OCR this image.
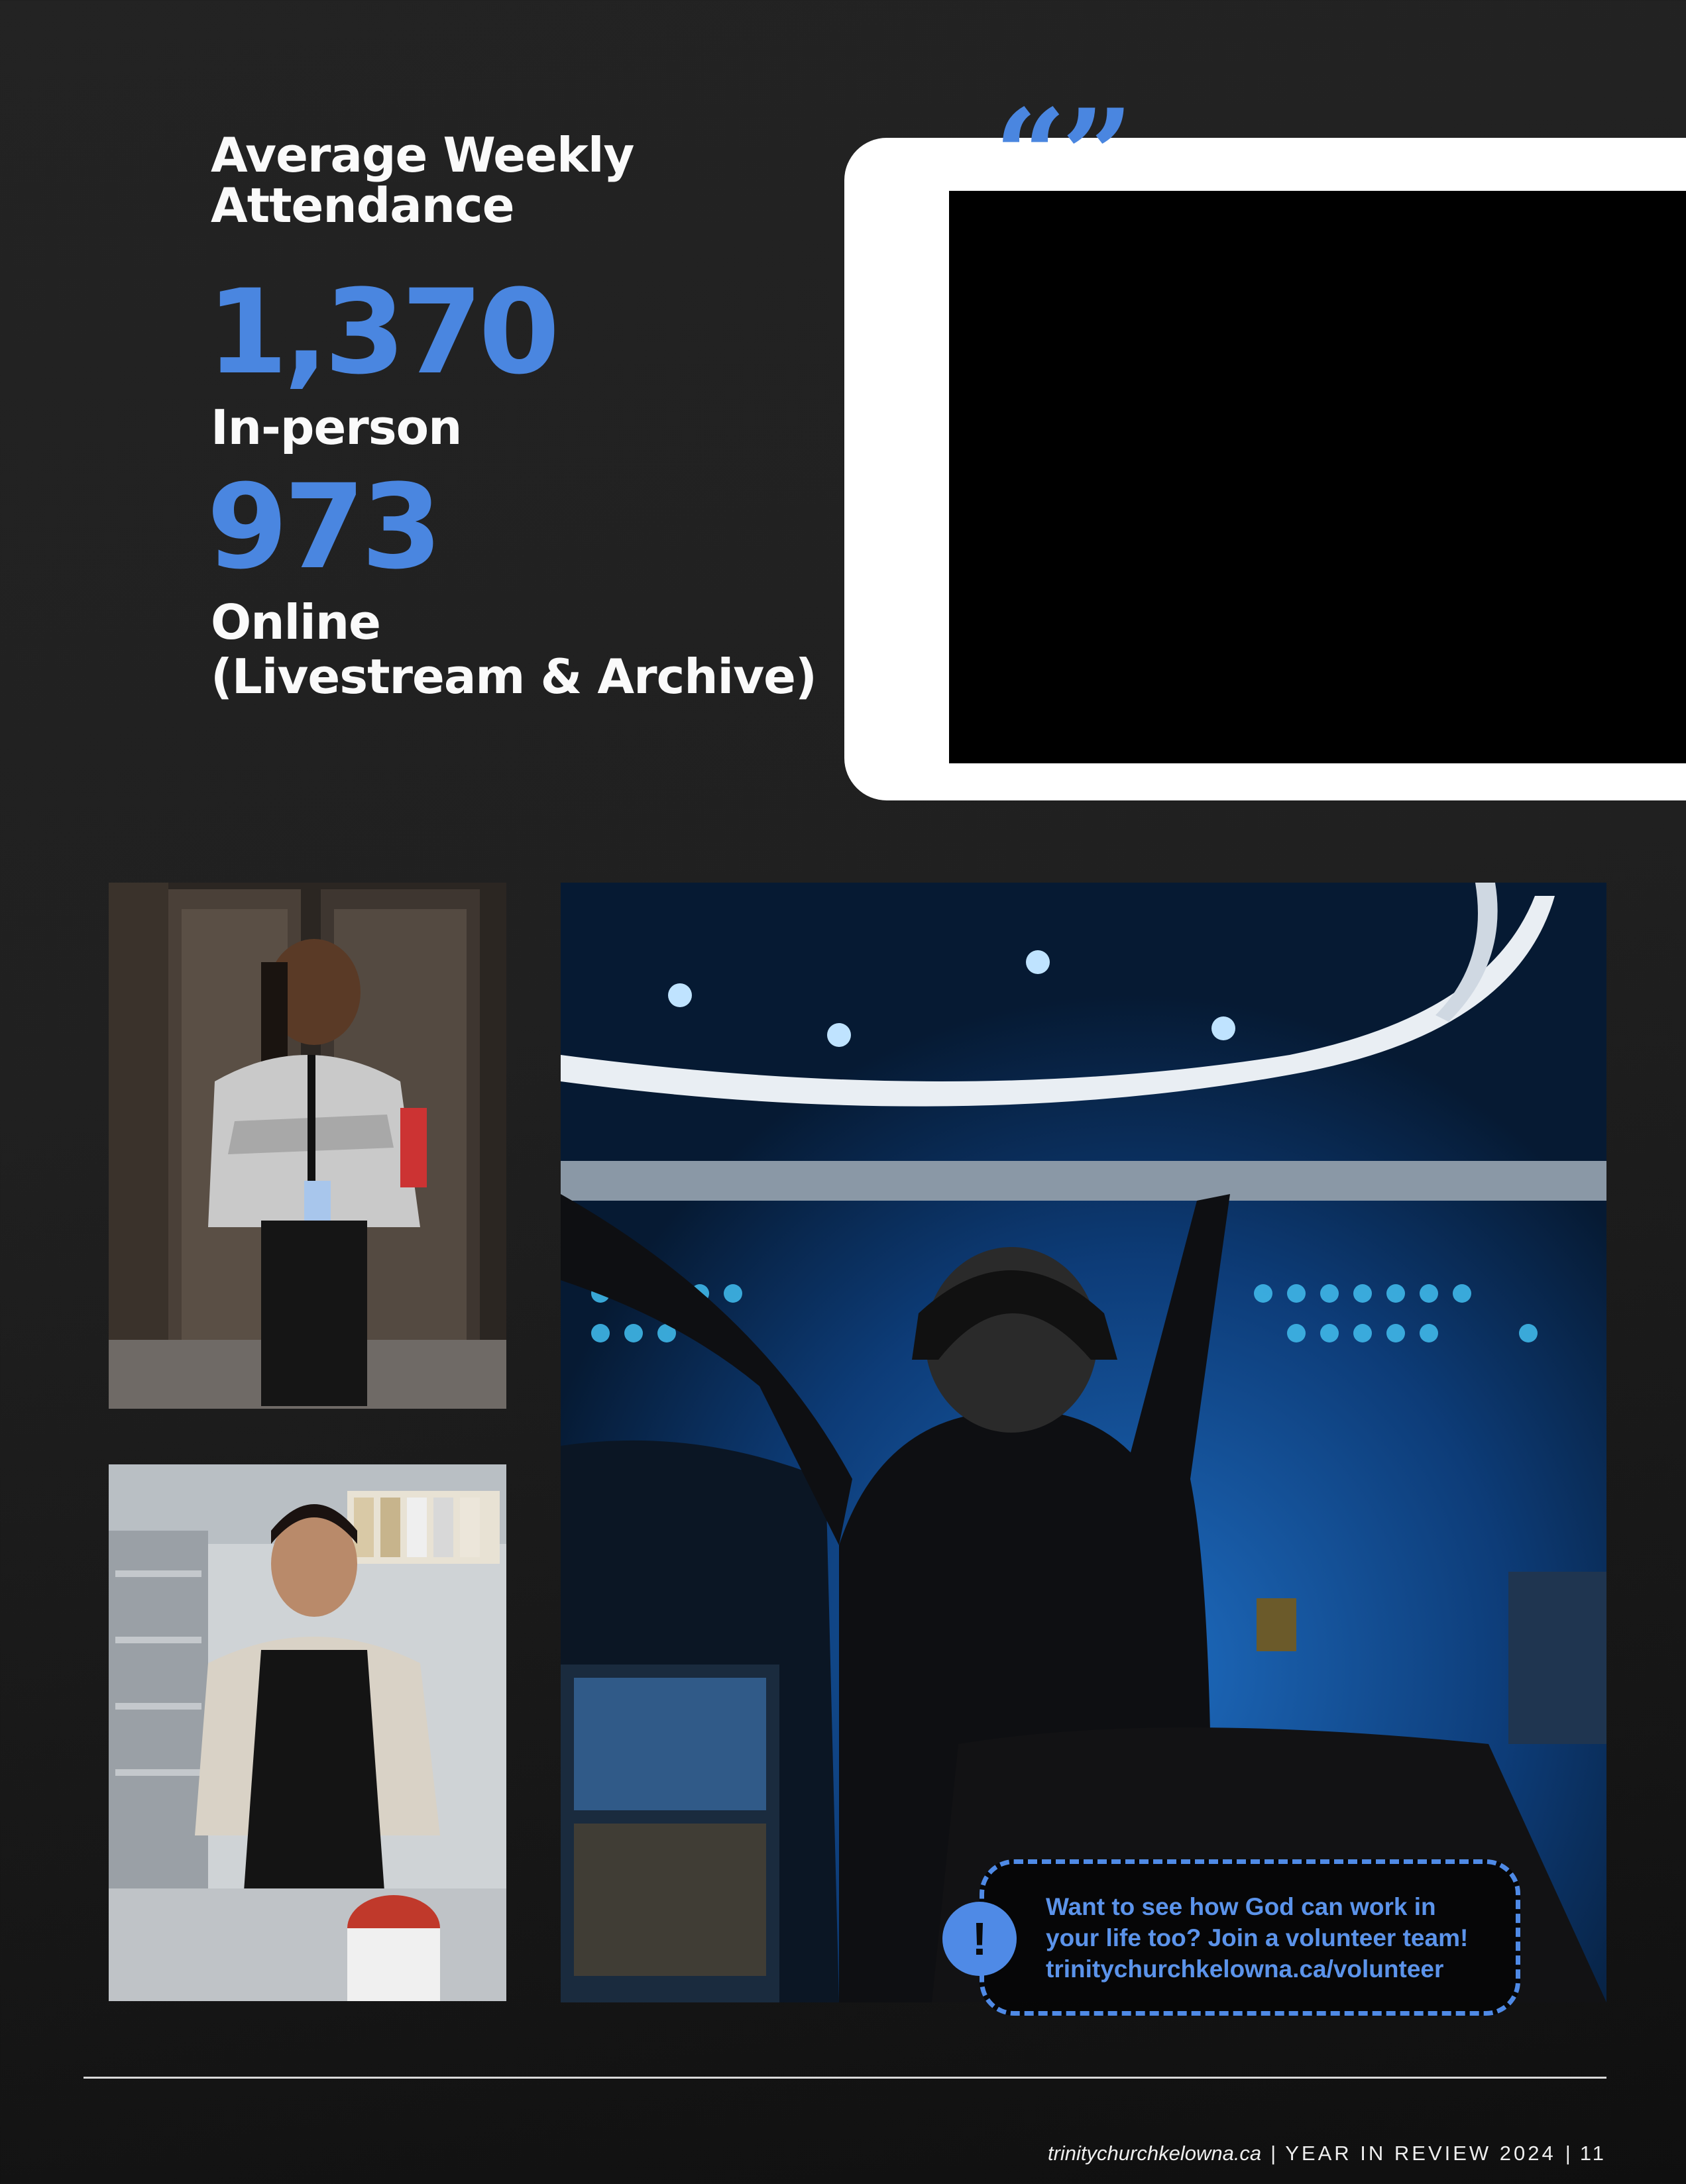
Average Weekly
Attendance
1,370
In-person
973
Online
(Livestream & Archive)
“”
!
Want to see how God can work in
your life too? Join a volunteer team!
trinitychurchkelowna.ca/volunteer
trinitychurchkelowna.ca | YEAR IN REVIEW 2024 | 11
